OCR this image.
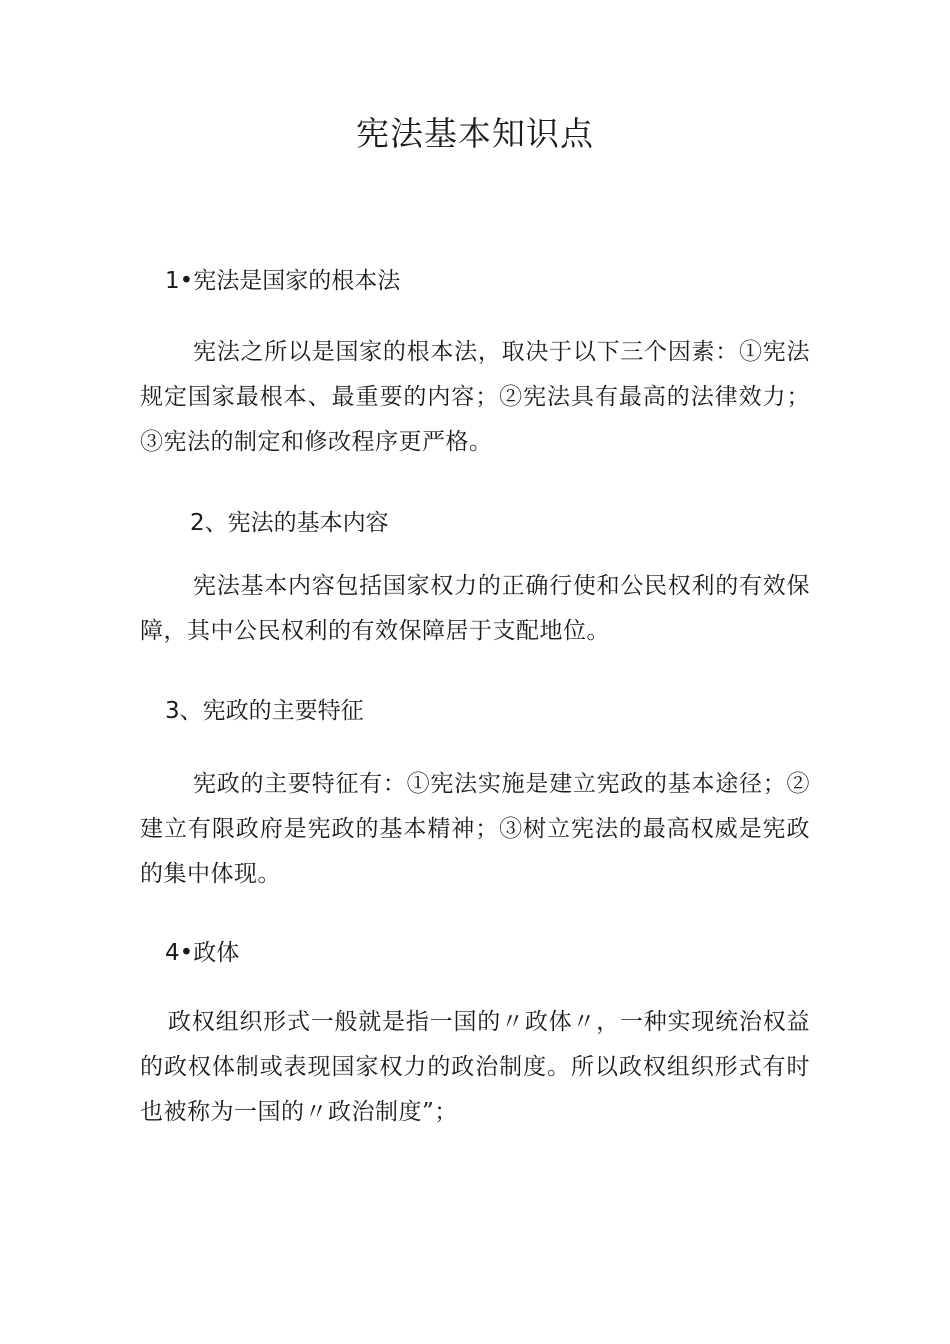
宪法基本知识点
1•宪法是国家的根本法

宪法之所以是国家的根本法，取决于以下三个因素：①宪法规定国家最根本、最重要的内容；②宪法具有最高的法律效力；③宪法的制定和修改程序更严格。

2、宪法的基本内容

宪法基本内容包括国家权力的正确行使和公民权利的有效保障，其中公民权利的有效保障居于支配地位。

3、宪政的主要特征

宪政的主要特征有：①宪法实施是建立宪政的基本途径；②建立有限政府是宪政的基本精神；③树立宪法的最高权威是宪政的集中体现。

4•政体

政权组织形式一般就是指一国的〃政体〃，一种实现统治权益的政权体制或表现国家权力的政治制度。所以政权组织形式有时也被称为一国的〃政治制度”；
